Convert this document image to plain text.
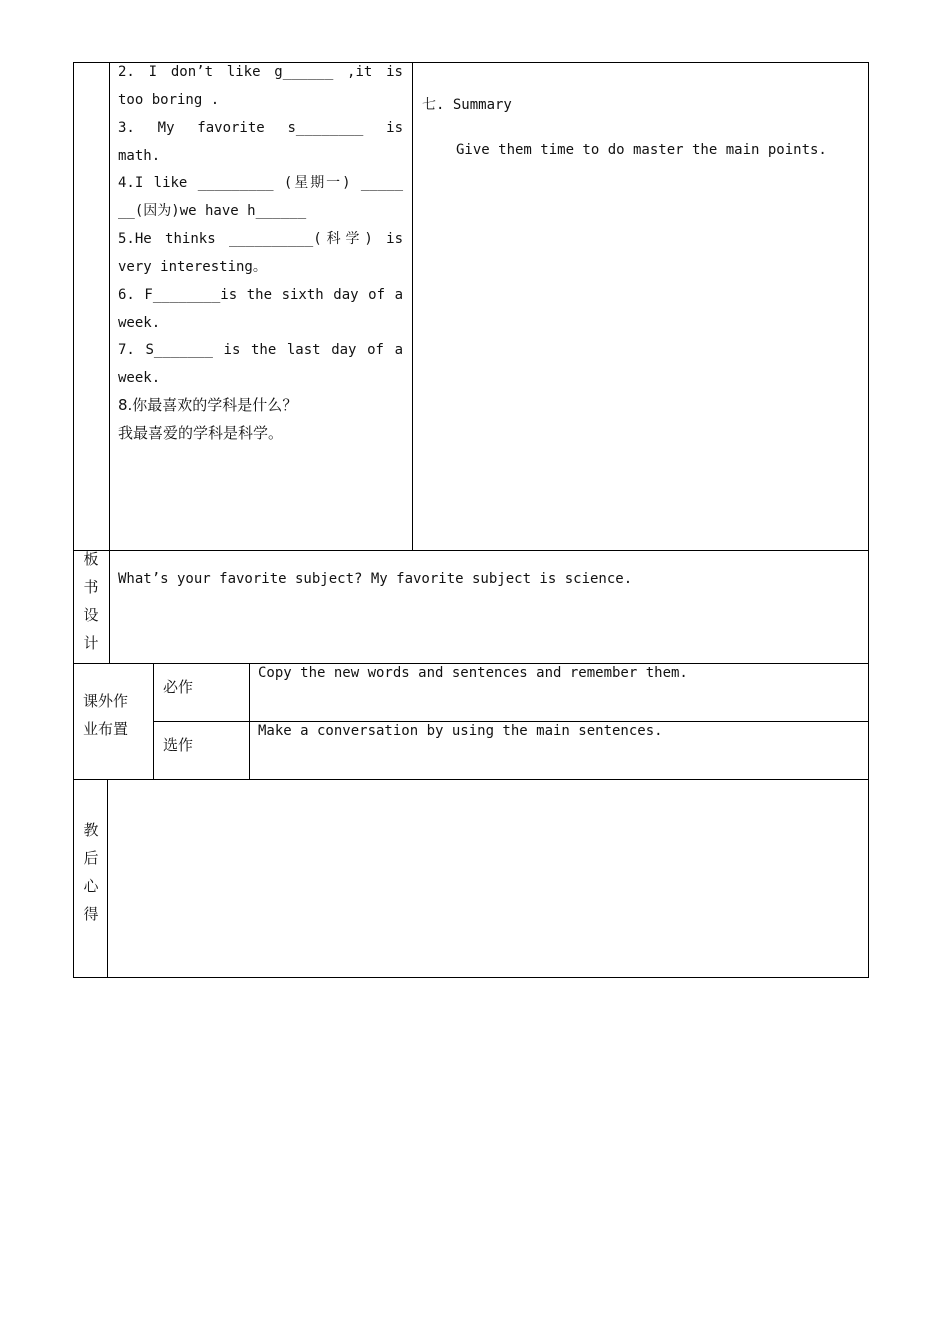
2. I don’t like g______ ,it is
too boring .
3. My favorite s________ is
math.
4.I like _________ (星期一) _____
__(因为)we have h______
5.He thinks __________(科学) is
very interesting。
6. F________is the sixth day of a
week.
7. S_______ is the last day of a
week.
8.你最喜欢的学科是什么？
我最喜爱的学科是科学。
七. Summary
Give them time to do master the main points.
板
书
设
计
What’s your favorite subject? My favorite subject is science.
课外作
业布置
必作
Copy the new words and sentences and remember them.
选作
Make a conversation by using the main sentences.
教
后
心
得
